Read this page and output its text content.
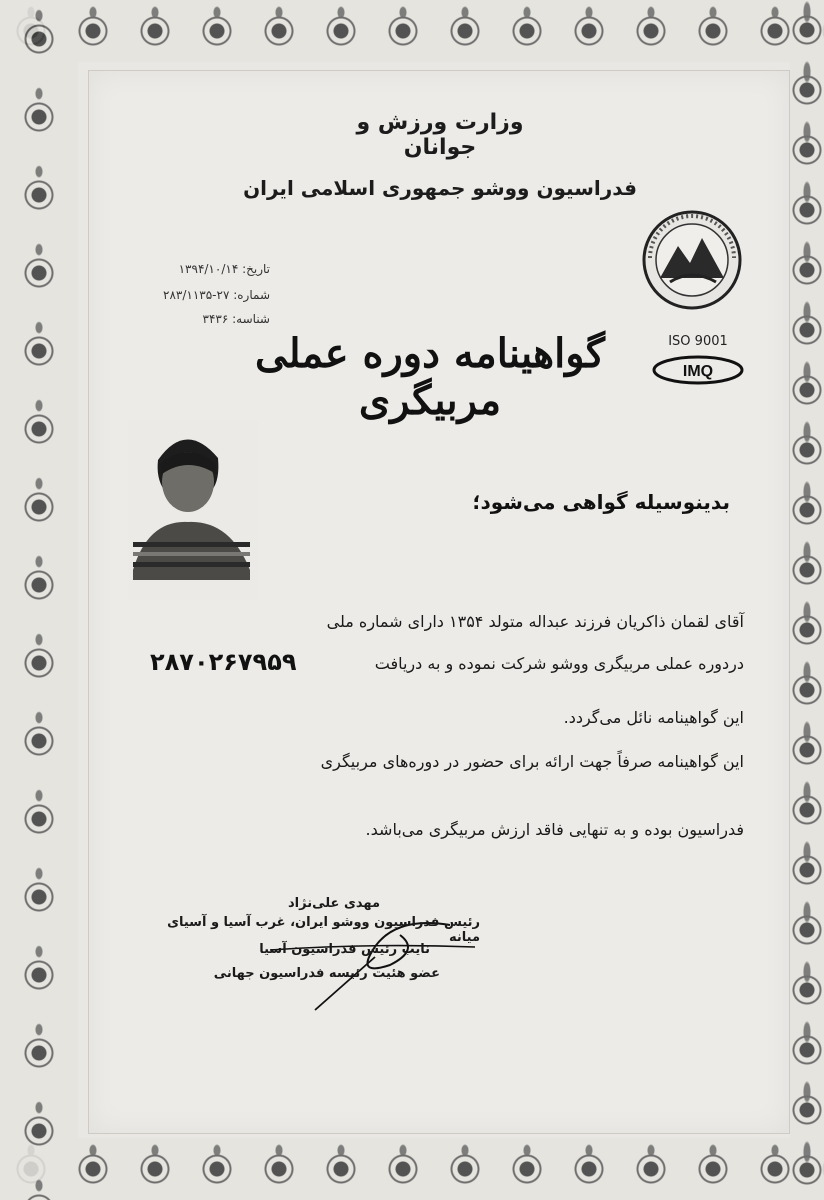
وزارت ورزش و جوانان
فدراسیون ووشو جمهوری اسلامی ایران
تاریخ: ۱۳۹۴/۱۰/۱۴
شماره: ۲۷-۲۸۳/۱۱۳۵
شناسه: ۳۴۳۶
ISO 9001
IMQ
گواهینامه دوره عملی مربیگری
بدینوسیله گواهی می‌شود؛
آقای لقمان ذاکریان فرزند عبداله متولد ۱۳۵۴ دارای شماره ملی
۲۸۷۰۲۶۷۹۵۹	دردوره عملی مربیگری ووشو شرکت نموده و به دریافت
این گواهینامه نائل می‌گردد.
این گواهینامه صرفاً جهت ارائه برای حضور در دوره‌های مربیگری
فدراسیون بوده و به تنهایی فاقد ارزش مربیگری می‌باشد.
مهدی علی‌نژاد
رئیس فدراسیون ووشو ایران، غرب آسیا و آسیای میانه
نایب رئیس فدراسیون آسیا
عضو هئیت رئیسه فدراسیون جهانی
